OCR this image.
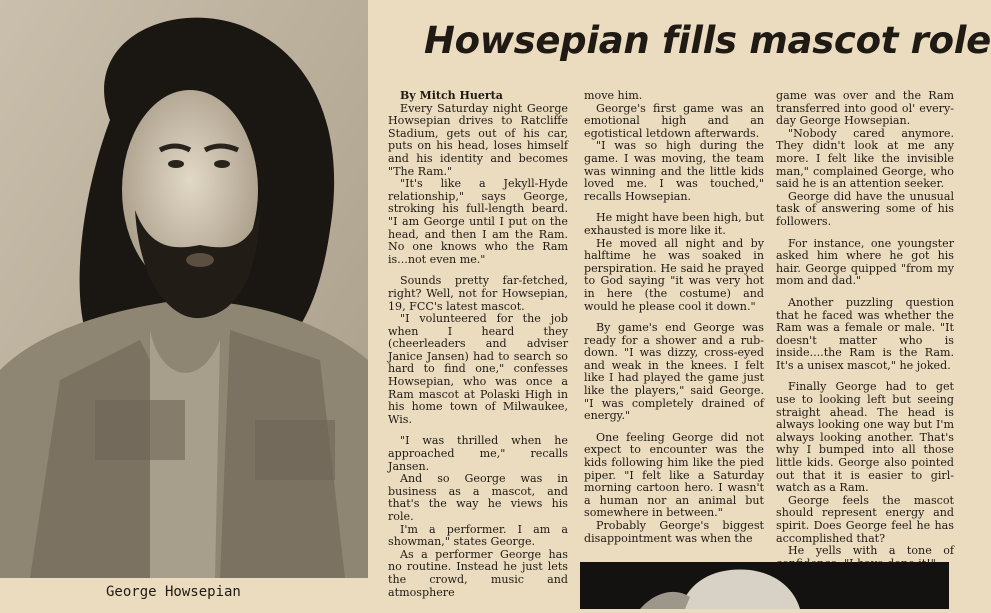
George Howsepian
Howsepian fills mascot role

By Mitch Huerta

Every Saturday night George Howsepian drives to Ratcliffe Stadium, gets out of his car, puts on his head, loses himself and his identity and becomes "The Ram."

"It's like a Jekyll-Hyde relationship," says George, stroking his full-length beard. "I am George until I put on the head, and then I am the Ram. No one knows who the Ram is...not even me."

Sounds pretty far-fetched, right? Well, not for Howsepian, 19, FCC's latest mascot.

"I volunteered for the job when I heard they (cheerleaders and adviser Janice Jansen) had to search so hard to find one," confesses Howsepian, who was once a Ram mascot at Polaski High in his home town of Milwaukee, Wis.

"I was thrilled when he approached me," recalls Jansen.

And so George was in business as a mascot, and that's the way he views his role.

I'm a performer. I am a showman," states George.

As a performer George has no routine. Instead he just lets the crowd, music and atmosphere

move him.

George's first game was an emotional high and an egotistical letdown afterwards.

"I was so high during the game. I was moving, the team was winning and the little kids loved me. I was touched," recalls Howsepian.

He might have been high, but exhausted is more like it.

He moved all night and by halftime he was soaked in perspiration. He said he prayed to God saying "it was very hot in here (the costume) and would he please cool it down."

By game's end George was ready for a shower and a rub-down. "I was dizzy, cross-eyed and weak in the knees. I felt like I had played the game just like the players," said George. "I was completely drained of energy."

One feeling George did not expect to encounter was the kids following him like the pied piper. "I felt like a Saturday morning cartoon hero. I wasn't a human nor an animal but somewhere in between."

Probably George's biggest disappointment was when the

game was over and the Ram transferred into good ol' every-day George Howsepian.

"Nobody cared anymore. They didn't look at me any more. I felt like the invisible man," complained George, who said he is an attention seeker.

George did have the unusual task of answering some of his followers.

For instance, one youngster asked him where he got his hair. George quipped "from my mom and dad."

Another puzzling question that he faced was whether the Ram was a female or male. "It doesn't matter who is inside....the Ram is the Ram. It's a unisex mascot," he joked.

Finally George had to get use to looking left but seeing straight ahead. The head is always looking one way but I'm always looking another. That's why I bumped into all those little kids. George also pointed out that it is easier to girl-watch as a Ram.

George feels the mascot should represent energy and spirit. Does George feel he has accomplished that?

He yells with a tone of
